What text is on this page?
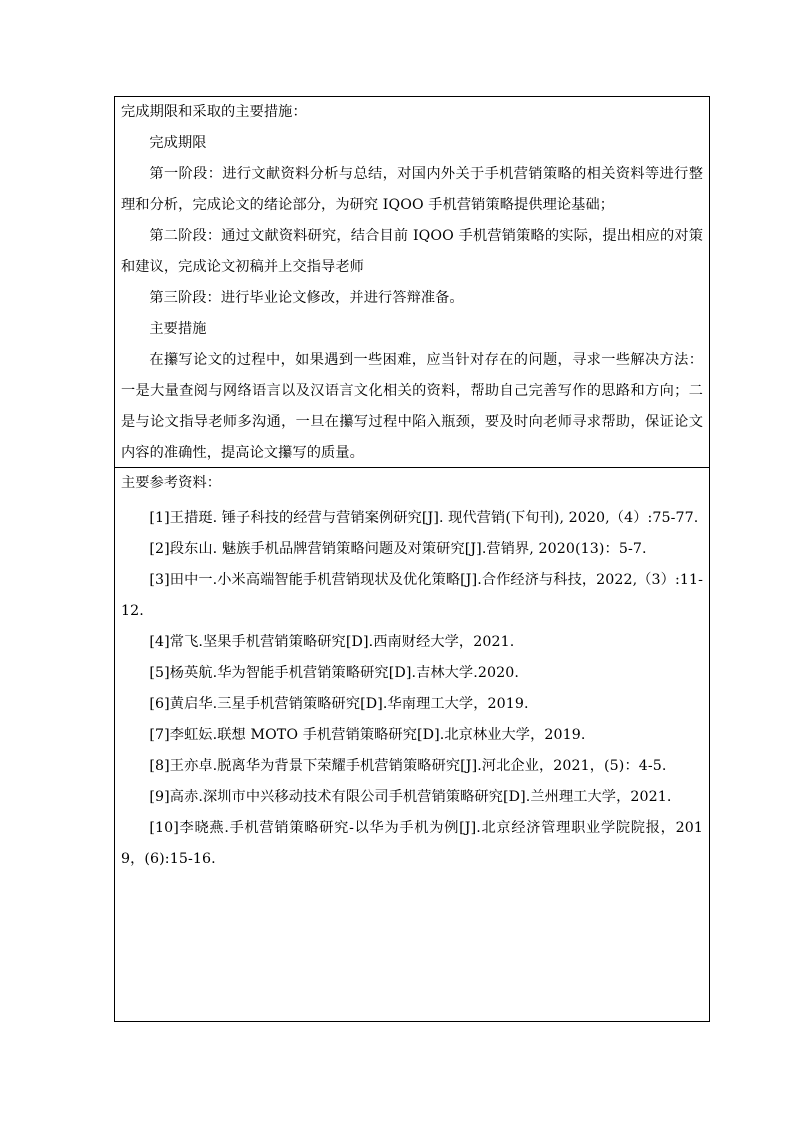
完成期限和采取的主要措施：

完成期限

第一阶段：进行文献资料分析与总结，对国内外关于手机营销策略的相关资料等进行整理和分析，完成论文的绪论部分，为研究 IQOO 手机营销策略提供理论基础；

第二阶段：通过文献资料研究，结合目前 IQOO 手机营销策略的实际，提出相应的对策和建议，完成论文初稿并上交指导老师

第三阶段：进行毕业论文修改，并进行答辩准备。

主要措施

在攥写论文的过程中，如果遇到一些困难，应当针对存在的问题，寻求一些解决方法：一是大量查阅与网络语言以及汉语言文化相关的资料，帮助自己完善写作的思路和方向；二是与论文指导老师多沟通，一旦在攥写过程中陷入瓶颈，要及时向老师寻求帮助，保证论文内容的准确性，提高论文攥写的质量。

主要参考资料：

[1]王措珽. 锤子科技的经营与营销案例研究[J]. 现代营销(下旬刊), 2020,（4）:75-77.

[2]段东山. 魅族手机品牌营销策略问题及对策研究[J].营销界, 2020(13)：5-7.

[3]田中一.小米高端智能手机营销现状及优化策略[J].合作经济与科技，2022,（3）:11-12.

[4]常飞.坚果手机营销策略研究[D].西南财经大学，2021.

[5]杨英航.华为智能手机营销策略研究[D].吉林大学.2020.

[6]黄启华.三星手机营销策略研究[D].华南理工大学，2019.

[7]李虹妘.联想 MOTO 手机营销策略研究[D].北京林业大学，2019.

[8]王亦卓.脱离华为背景下荣耀手机营销策略研究[J].河北企业，2021，(5)：4-5.

[9]高赤.深圳市中兴移动技术有限公司手机营销策略研究[D].兰州理工大学，2021.

[10]李晓燕.手机营销策略研究-以华为手机为例[J].北京经济管理职业学院院报，2019，(6):15-16.
